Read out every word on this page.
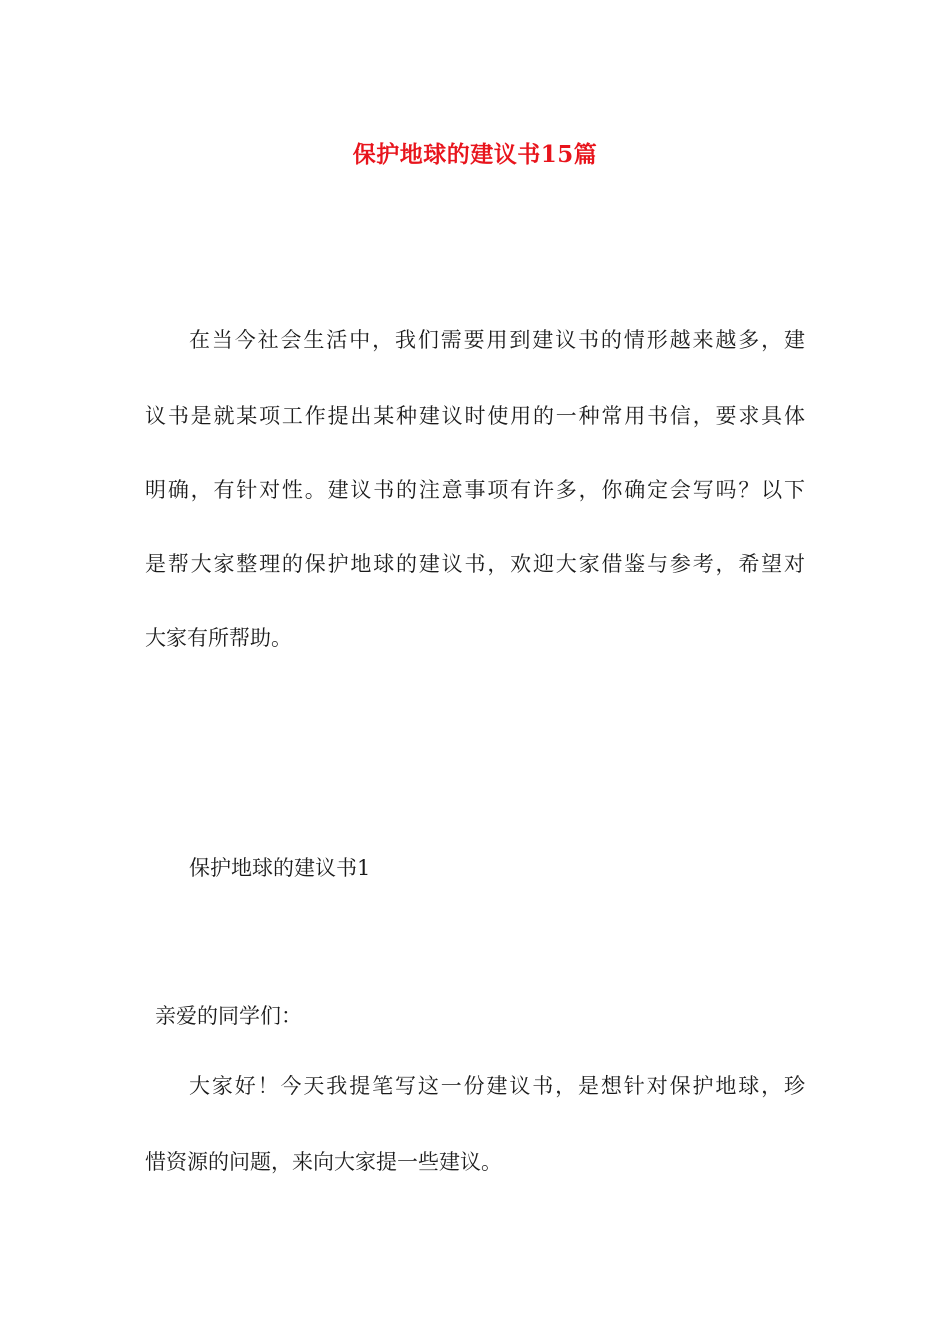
保护地球的建议书15篇
在当今社会生活中，我们需要用到建议书的情形越来越多，建
议书是就某项工作提出某种建议时使用的一种常用书信，要求具体
明确，有针对性。建议书的注意事项有许多，你确定会写吗？以下
是帮大家整理的保护地球的建议书，欢迎大家借鉴与参考，希望对
大家有所帮助。
保护地球的建议书1
亲爱的同学们：
大家好！今天我提笔写这一份建议书，是想针对保护地球，珍
惜资源的问题，来向大家提一些建议。
